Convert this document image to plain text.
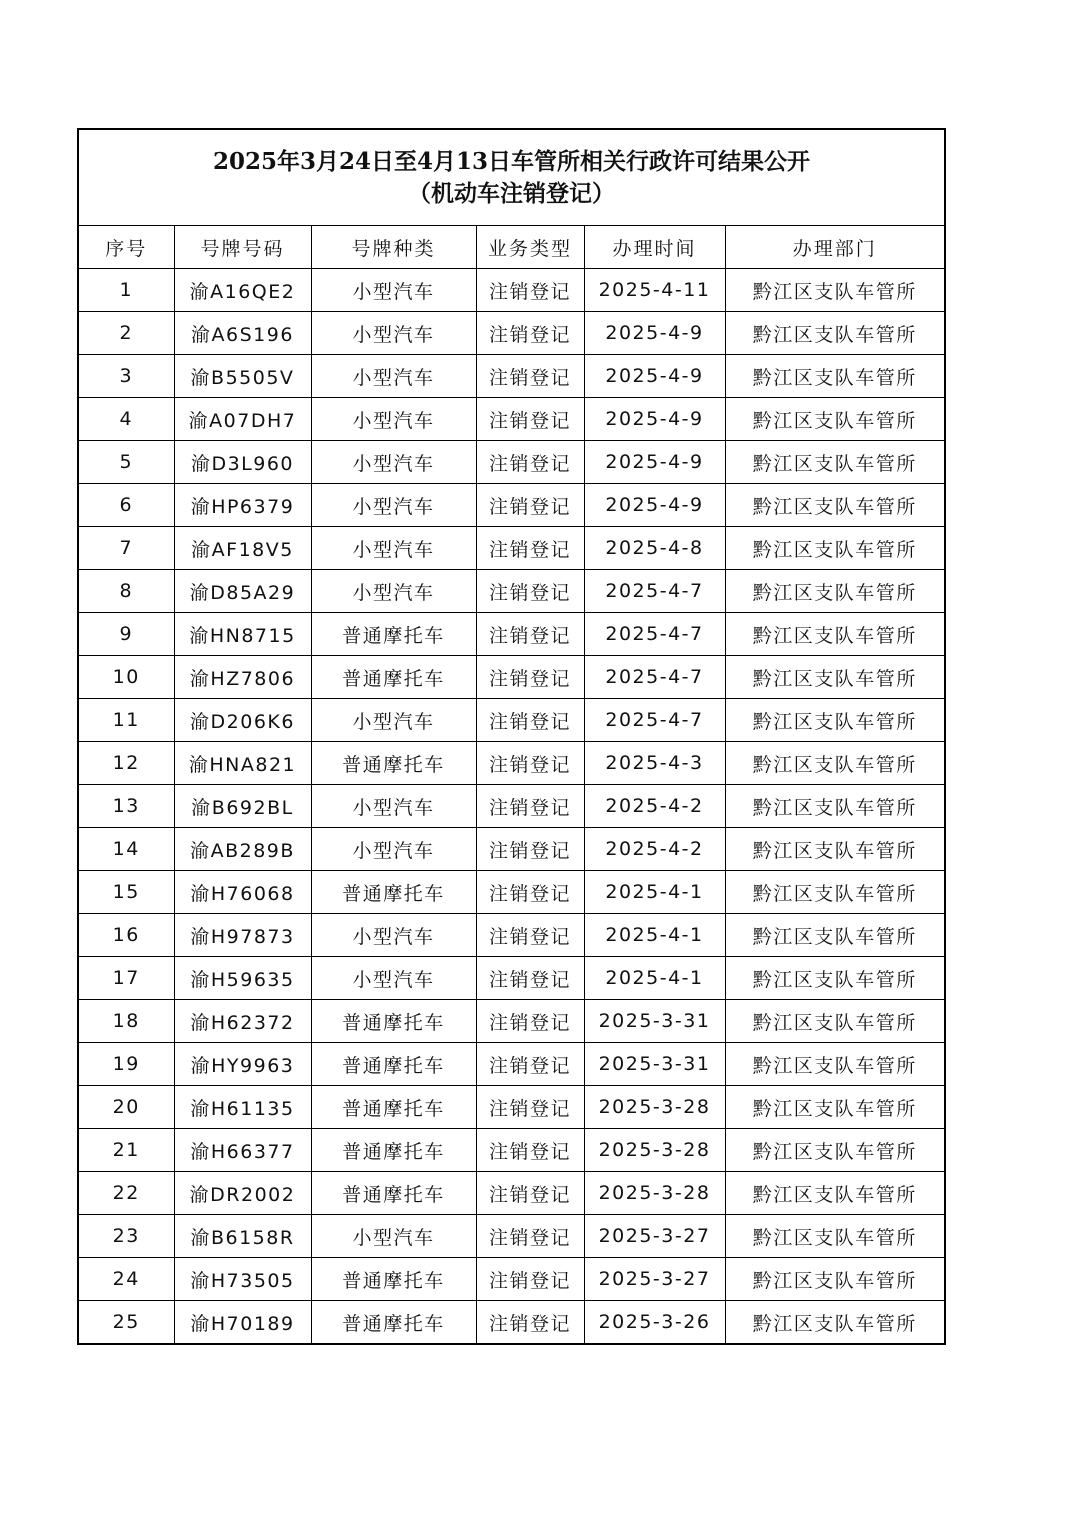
2025年3月24日至4月13日车管所相关行政许可结果公开
（机动车注销登记）
序号	号牌号码	号牌种类	业务类型	办理时间	办理部门
1	渝A16QE2	小型汽车	注销登记	2025-4-11	黔江区支队车管所
2	渝A6S196	小型汽车	注销登记	2025-4-9	黔江区支队车管所
3	渝B5505V	小型汽车	注销登记	2025-4-9	黔江区支队车管所
4	渝A07DH7	小型汽车	注销登记	2025-4-9	黔江区支队车管所
5	渝D3L960	小型汽车	注销登记	2025-4-9	黔江区支队车管所
6	渝HP6379	小型汽车	注销登记	2025-4-9	黔江区支队车管所
7	渝AF18V5	小型汽车	注销登记	2025-4-8	黔江区支队车管所
8	渝D85A29	小型汽车	注销登记	2025-4-7	黔江区支队车管所
9	渝HN8715	普通摩托车	注销登记	2025-4-7	黔江区支队车管所
10	渝HZ7806	普通摩托车	注销登记	2025-4-7	黔江区支队车管所
11	渝D206K6	小型汽车	注销登记	2025-4-7	黔江区支队车管所
12	渝HNA821	普通摩托车	注销登记	2025-4-3	黔江区支队车管所
13	渝B692BL	小型汽车	注销登记	2025-4-2	黔江区支队车管所
14	渝AB289B	小型汽车	注销登记	2025-4-2	黔江区支队车管所
15	渝H76068	普通摩托车	注销登记	2025-4-1	黔江区支队车管所
16	渝H97873	小型汽车	注销登记	2025-4-1	黔江区支队车管所
17	渝H59635	小型汽车	注销登记	2025-4-1	黔江区支队车管所
18	渝H62372	普通摩托车	注销登记	2025-3-31	黔江区支队车管所
19	渝HY9963	普通摩托车	注销登记	2025-3-31	黔江区支队车管所
20	渝H61135	普通摩托车	注销登记	2025-3-28	黔江区支队车管所
21	渝H66377	普通摩托车	注销登记	2025-3-28	黔江区支队车管所
22	渝DR2002	普通摩托车	注销登记	2025-3-28	黔江区支队车管所
23	渝B6158R	小型汽车	注销登记	2025-3-27	黔江区支队车管所
24	渝H73505	普通摩托车	注销登记	2025-3-27	黔江区支队车管所
25	渝H70189	普通摩托车	注销登记	2025-3-26	黔江区支队车管所
